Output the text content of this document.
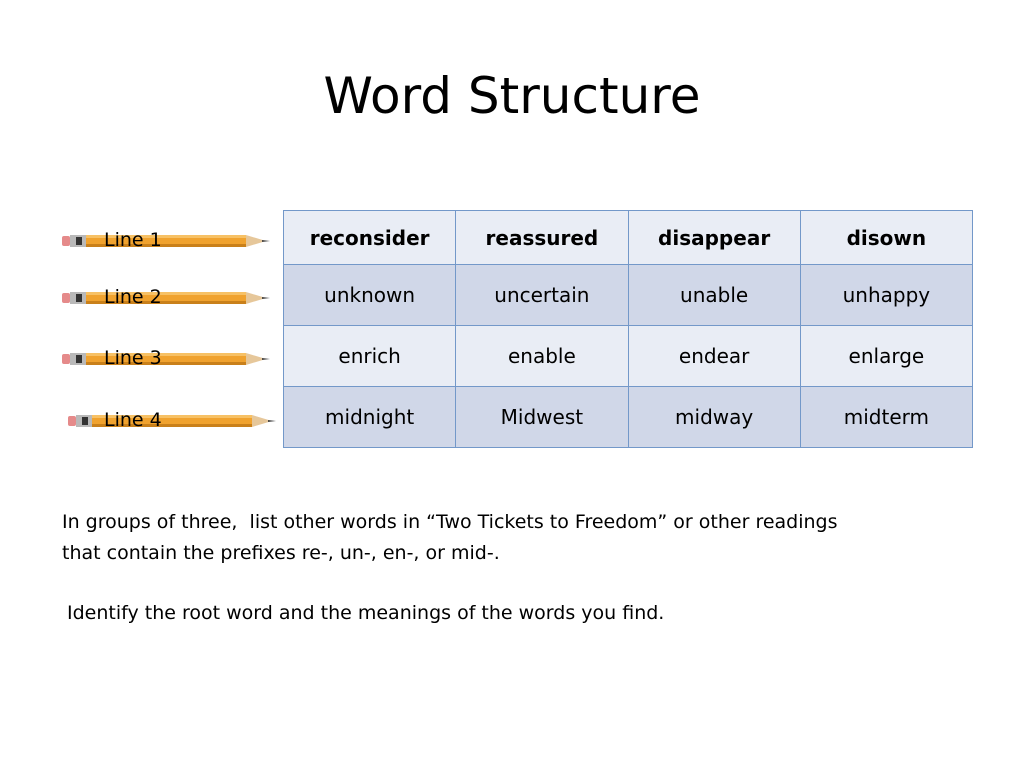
Word Structure
Line 1
Line 2
Line 3
Line 4
reconsider	reassured	disappear	disown
unknown	uncertain	unable	unhappy
enrich	enable	endear	enlarge
midnight	Midwest	midway	midterm
In groups of three,  list other words in “Two Tickets to Freedom” or other readings
that contain the prefixes re-, un-, en-, or mid-.
Identify the root word and the meanings of the words you find.
